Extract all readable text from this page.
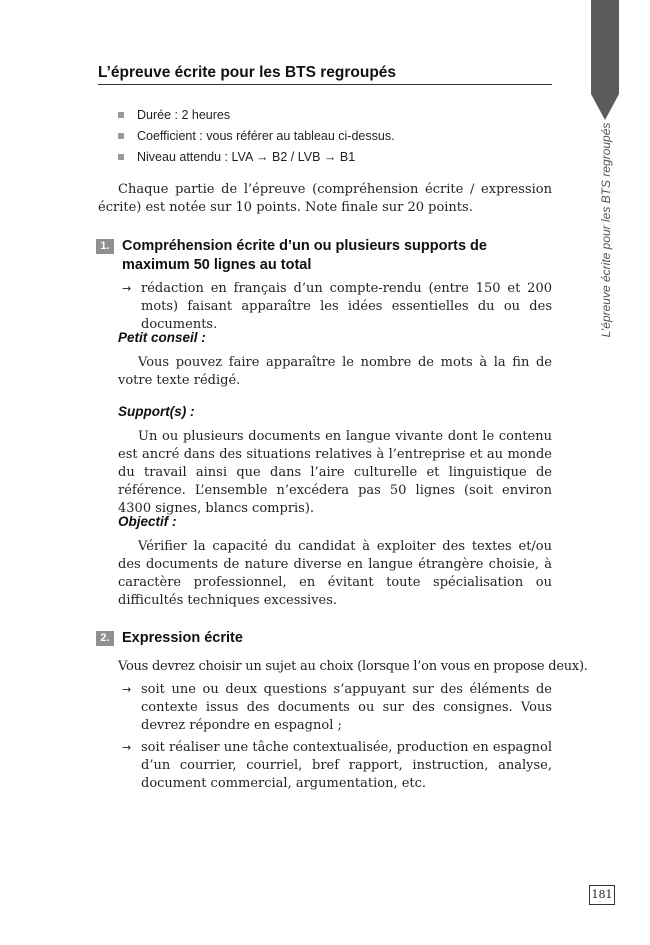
L’épreuve écrite pour les BTS regroupés
L’épreuve écrite pour les BTS regroupés
Durée : 2 heures
Coefficient : vous référer au tableau ci-dessus.
Niveau attendu : LVA → B2 / LVB → B1

Chaque partie de l’épreuve (compréhension écrite / expression écrite) est notée sur 10 points. Note finale sur 20 points.

1. Compréhension écrite d’un ou plusieurs supports de maximum 50 lignes au total
→ rédaction en français d’un compte-rendu (entre 150 et 200 mots) faisant apparaître les idées essentielles du ou des documents.
Petit conseil :

Vous pouvez faire apparaître le nombre de mots à la fin de votre texte rédigé.

Support(s) :

Un ou plusieurs documents en langue vivante dont le contenu est ancré dans des situations relatives à l’entreprise et au monde du travail ainsi que dans l’aire culturelle et linguistique de référence. L’ensemble n’excédera pas 50 lignes (soit environ 4300 signes, blancs compris).

Objectif :

Vérifier la capacité du candidat à exploiter des textes et/ou des documents de nature diverse en langue étrangère choisie, à caractère professionnel, en évitant toute spécialisation ou difficultés techniques excessives.

2. Expression écrite

Vous devrez choisir un sujet au choix (lorsque l’on vous en propose deux).

→ soit une ou deux questions s’appuyant sur des éléments de contexte issus des documents ou sur des consignes. Vous devrez répondre en espagnol ;
→ soit réaliser une tâche contextualisée, production en espagnol d’un courrier, courriel, bref rapport, instruction, analyse, document commercial, argumentation, etc.
181
